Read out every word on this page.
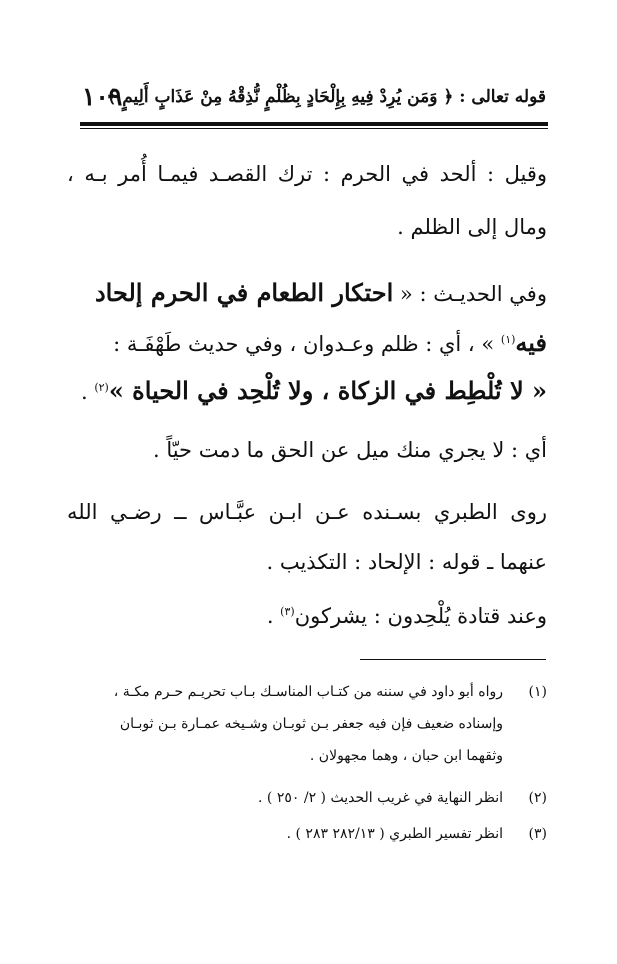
قوله تعالى : ﴿ وَمَن يُرِدْ فِيهِ بِإِلْحَادٍ بِظُلْمٍ نُّذِقْهُ مِنْ عَذَابٍ أَلِيمٍ ﴾
١٠٩
وقيل : ألحد في الحرم : ترك القصـد فيمـا أُمر بـه ،
ومال إلى الظلم .
وفي الحديـث : « احتكار الطعام في الحرم إلحاد
فيه$^{(١)}$ » ، أي : ظلم وعـدوان ، وفي حديث طَهْفَـة :
« لا تُلْطِط في الزكاة ، ولا تُلْحِد في الحياة »$^{(٢)}$ .
أي : لا يجري منك ميل عن الحق ما دمت حيّاً .
روى الطبري بسـنده عـن ابـن عبَّـاس ــ رضـي الله
عنهما ـ قوله : الإلحاد : التكذيب .
وعند قتادة يُلْحِدون : يشركون$^{(٣)}$ .
(١)رواه أبو داود في سننه من كتـاب المناسـك بـاب تحريـم حـرم مكـة ،
وإسناده ضعيف فإن فيه جعفر بـن ثوبـان وشـيخه عمـارة بـن ثوبـان
وثقهما ابن حبان ، وهما مجهولان .
(٢)انظر النهاية في غريب الحديث ( ٢/ ٢٥٠ ) .
(٣)انظر تفسير الطبري ( ٢٨٢/١٣ ٢٨٣ ) .
